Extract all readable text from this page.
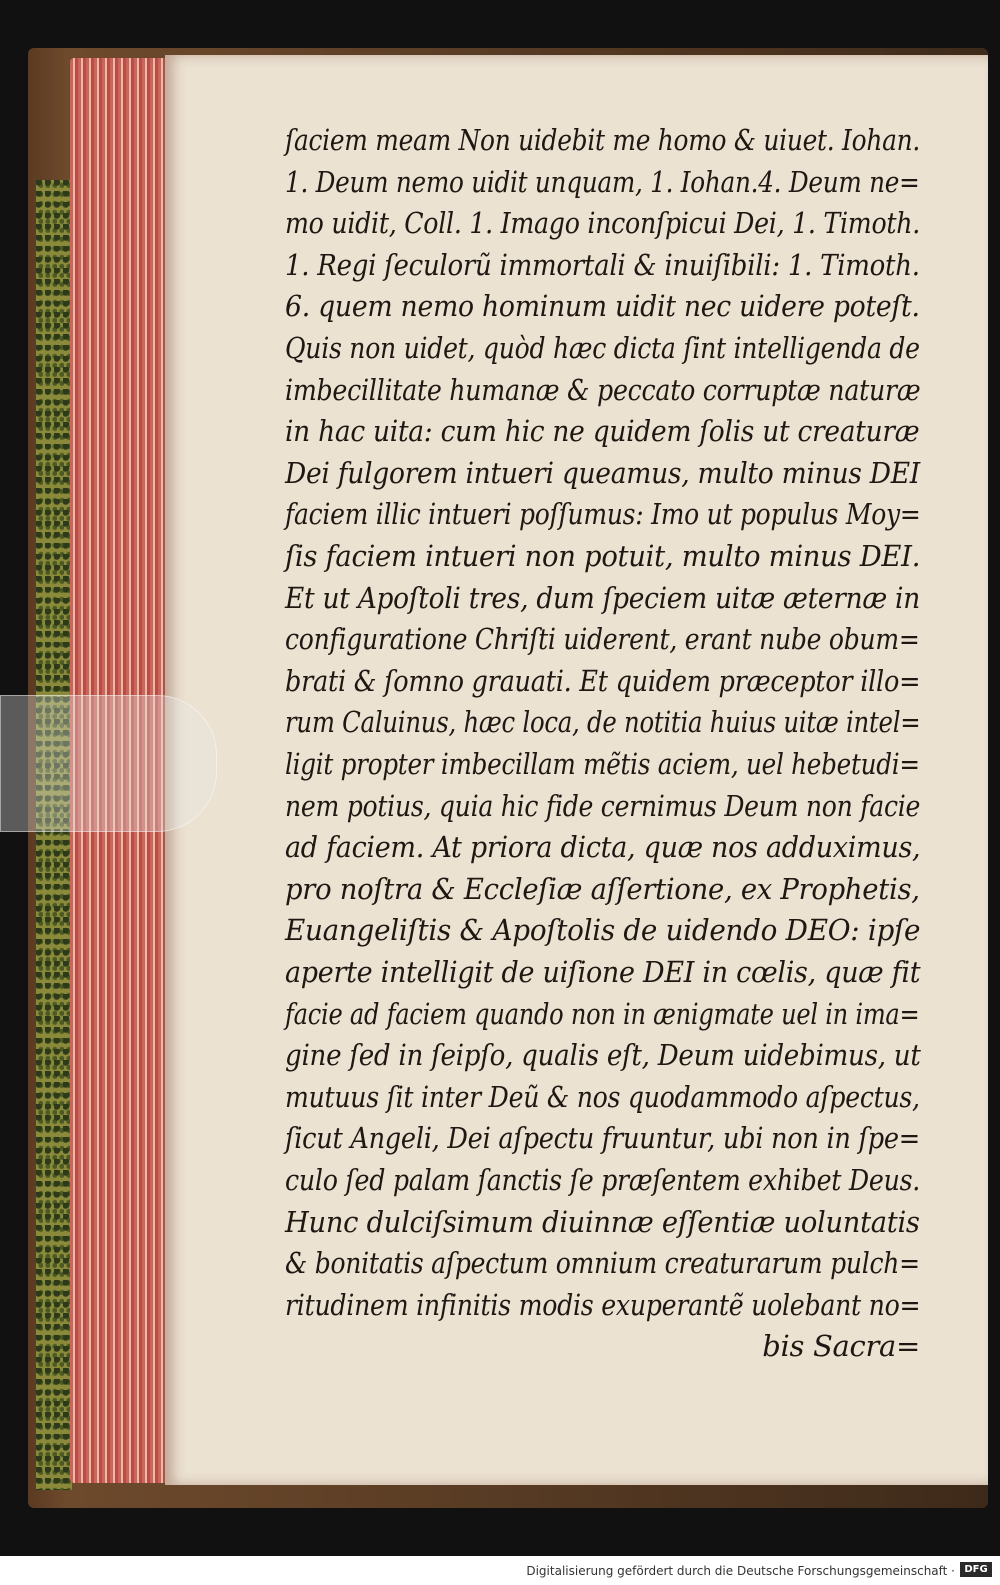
ſaciem meam Non uidebit me homo & uiuet. Iohan.
1. Deum nemo uidit unquam, 1. Iohan.4. Deum ne=
mo uidit, Coll. 1. Imago inconſpicui Dei, 1. Timoth.
1. Regi ſeculorũ immortali & inuiſibili: 1. Timoth.
6. quem nemo hominum uidit nec uidere poteſt.
Quis non uidet, quòd hæc dicta ſint intelligenda de
imbecillitate humanæ & peccato corruptæ naturæ
in hac uita: cum hic ne quidem ſolis ut creaturæ
Dei fulgorem intueri queamus, multo minus DEI
faciem illic intueri poſſumus: Imo ut populus Moy=
ſis faciem intueri non potuit, multo minus DEI.
Et ut Apoſtoli tres, dum ſpeciem uitæ æternæ in
configuratione Chriſti uiderent, erant nube obum=
brati & ſomno grauati. Et quidem præceptor illo=
rum Caluinus, hæc loca, de notitia huius uitæ intel=
ligit propter imbecillam mẽtis aciem, uel hebetudi=
nem potius, quia hic fide cernimus Deum non facie
ad faciem. At priora dicta, quæ nos adduximus,
pro noſtra & Eccleſiæ aſſertione, ex Prophetis,
Euangeliſtis & Apoſtolis de uidendo DEO: ipſe
aperte intelligit de uiſione DEI in cœlis, quæ fit
facie ad faciem quando non in ænigmate uel in ima=
gine ſed in ſeipſo, qualis eſt, Deum uidebimus, ut
mutuus ſit inter Deũ & nos quodammodo aſpectus,
ſicut Angeli, Dei aſpectu fruuntur, ubi non in ſpe=
culo ſed palam ſanctis ſe præſentem exhibet Deus.
Hunc dulciſsimum diuinnæ eſſentiæ uoluntatis
& bonitatis aſpectum omnium creaturarum pulch=
ritudinem infinitis modis exuperantẽ uolebant no=
bis Sacra=
Digitalisierung gefördert durch die Deutsche Forschungsgemeinschaft · DFG
